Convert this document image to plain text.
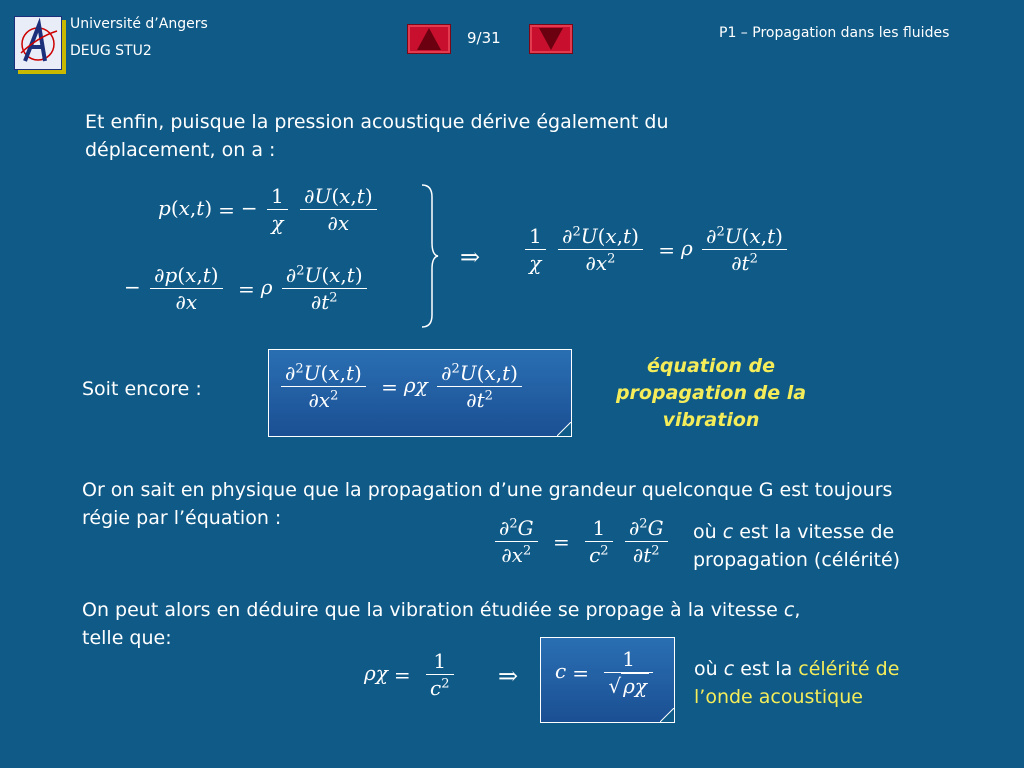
Université d’Angers
DEUG STU2
9/31	P1 – Propagation dans les fluides
Et enfin, puisque la pression acoustique dérive également du déplacement, on a :
p(x,t) = − $\frac{1}{\chi}$
$\frac{\partial U(x,t)}{\partial x}$
− $\frac{\partial p(x,t)}{\partial x} = \rho \frac{\partial^2U(x,t)}{\partial t^2}$
⇒ $\frac{1}{\chi}$
$\frac{\partial^2U(x,t)}{\partial x^2} = \rho \frac{\partial^2U(x,t)}{\partial t^2}$
Soit encore :	$\frac{\partial^2U(x,t)}{\partial x^2} = \rho\chi \frac{\partial^2U(x,t)}{\partial t^2}$	équation de propagation de la vibration
Or on sait en physique que la propagation d’une grandeur quelconque G est toujours régie par l’équation :	$\frac{\partial^2G}{\partial x^2} = \frac{1}{c^2}$
$\frac{\partial^2G}{\partial t^2}$ où c est la vitesse de propagation (célérité)
On peut alors en déduire que la vibration étudiée se propage à la vitesse c, telle que:
$\rho\chi = \frac{1}{c^2}$ ⇒ $c = \frac{1}{√ \rho\chi}$ où c est la célérité de l’onde acoustique
